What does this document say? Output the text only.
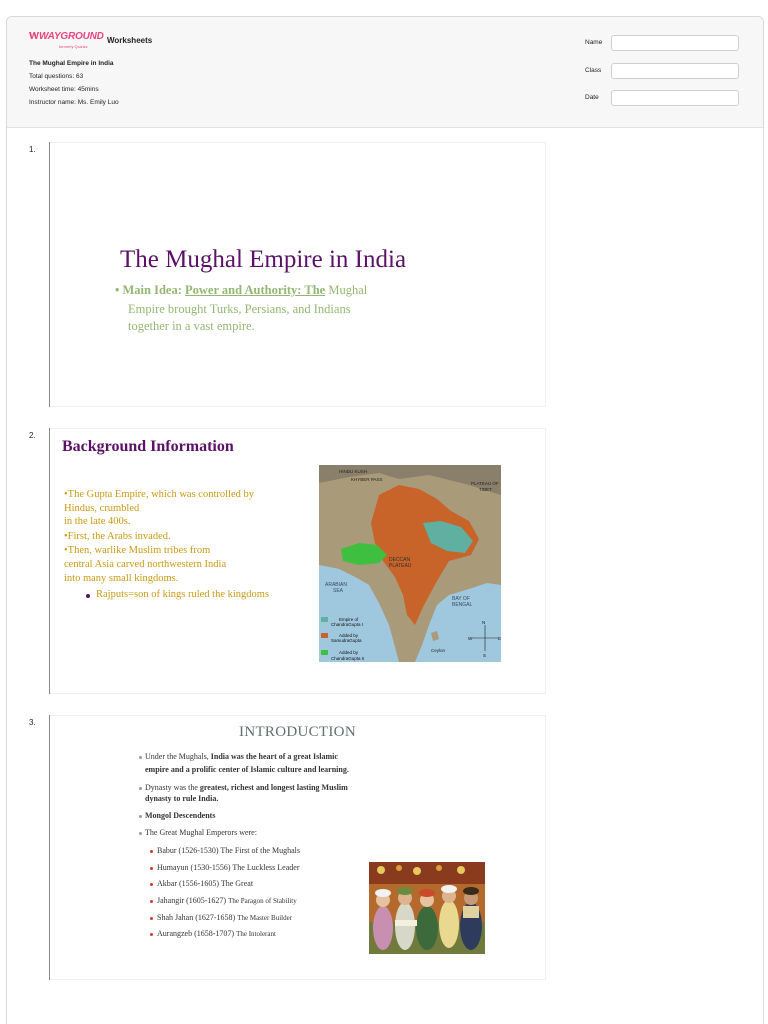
WAYGROUND
formerly Quizizz
Worksheets
The Mughal Empire in India
Total questions: 63
Worksheet time: 45mins
Instructor name: Ms. Emily Luo
Name
Class
Date
1.
The Mughal Empire in India
• Main Idea: Power and Authority: The Mughal
Empire brought Turks, Persians, and Indians
together in a vast empire.
2.
Background Information
•The Gupta Empire, which was controlled by
Hindus, crumbled
in the late 400s.
•First, the Arabs invaded.
•Then, warlike Muslim tribes from
central Asia carved northwestern India
into many small kingdoms.
Rajputs=son of kings ruled the kingdoms
ARABIAN
SEA
DECCAN
PLATEAU
BAY OF
BENGAL
HINDU KUSH
KHYBER PASS
PLATEAU OF
TIBET
Ceylon
N
W	E
S
Empire of
ChandraGupta I
Added by
SamudraGupta
Added by
ChandraGupta II
3.
INTRODUCTION
Under the Mughals, India was the heart of a great Islamic
empire and a prolific center of Islamic culture and learning.
Dynasty was the greatest, richest and longest lasting Muslim
dynasty to rule India.
Mongol Descendents
The Great Mughal Emperors were:
Babur (1526-1530) The First of the Mughals
Humayun (1530-1556) The Luckless Leader
Akbar (1556-1605) The Great
Jahangir (1605-1627) The Paragon of Stability
Shah Jahan (1627-1658) The Master Builder
Aurangzeb (1658-1707) The Intolerant
